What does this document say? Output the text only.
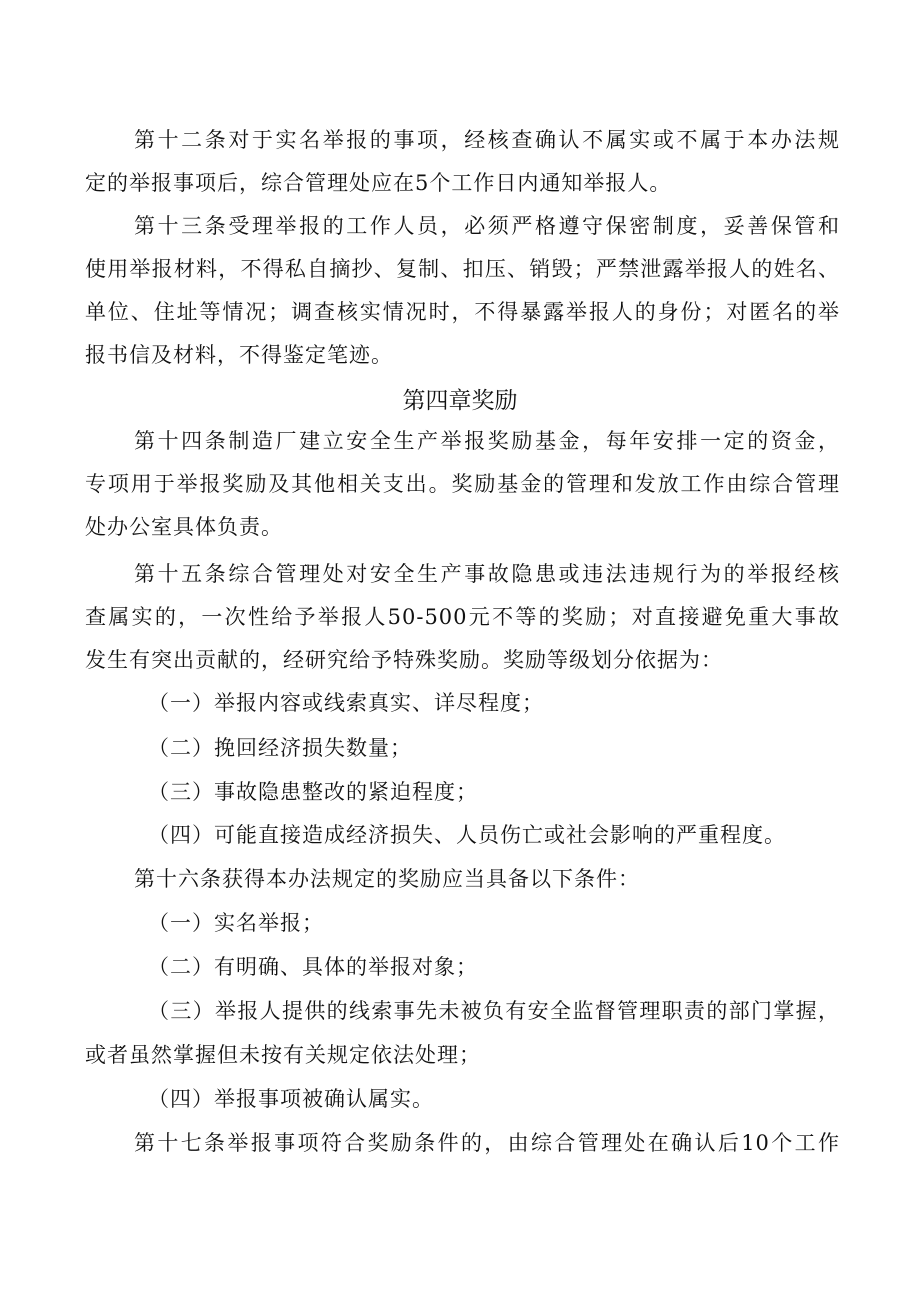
第十二条对于实名举报的事项，经核查确认不属实或不属于本办法规
定的举报事项后，综合管理处应在5个工作日内通知举报人。
第十三条受理举报的工作人员，必须严格遵守保密制度，妥善保管和
使用举报材料，不得私自摘抄、复制、扣压、销毁；严禁泄露举报人的姓名、
单位、住址等情况；调查核实情况时，不得暴露举报人的身份；对匿名的举
报书信及材料，不得鉴定笔迹。
第四章奖励
第十四条制造厂建立安全生产举报奖励基金，每年安排一定的资金，
专项用于举报奖励及其他相关支出。奖励基金的管理和发放工作由综合管理
处办公室具体负责。
第十五条综合管理处对安全生产事故隐患或违法违规行为的举报经核
查属实的，一次性给予举报人50-500元不等的奖励；对直接避免重大事故
发生有突出贡献的，经研究给予特殊奖励。奖励等级划分依据为：
（一）举报内容或线索真实、详尽程度；
（二）挽回经济损失数量；
（三）事故隐患整改的紧迫程度；
（四）可能直接造成经济损失、人员伤亡或社会影响的严重程度。
第十六条获得本办法规定的奖励应当具备以下条件：
（一）实名举报；
（二）有明确、具体的举报对象；
（三）举报人提供的线索事先未被负有安全监督管理职责的部门掌握，
或者虽然掌握但未按有关规定依法处理；
（四）举报事项被确认属实。
第十七条举报事项符合奖励条件的，由综合管理处在确认后10个工作
